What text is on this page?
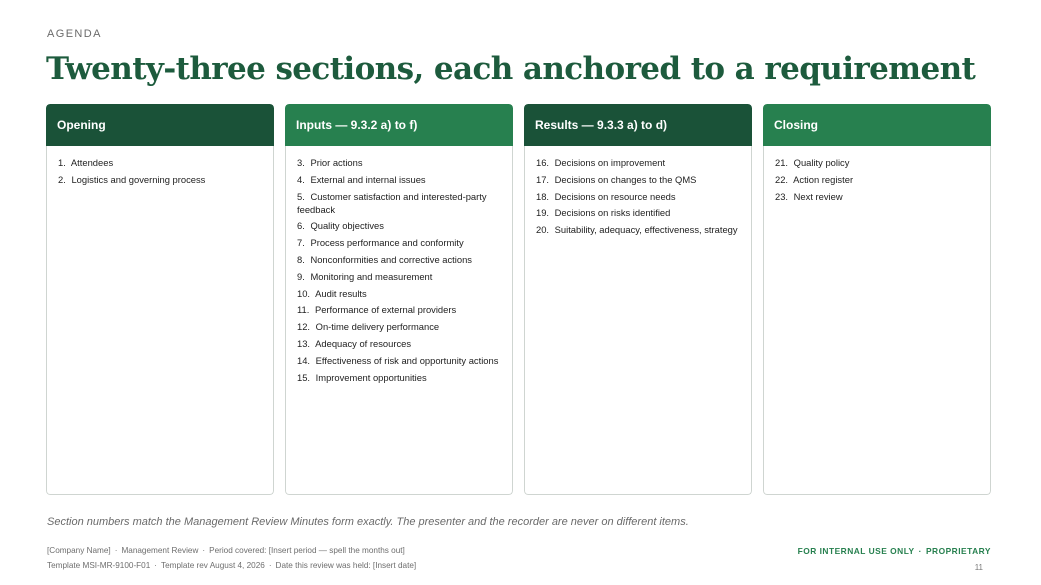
AGENDA
Twenty-three sections, each anchored to a requirement
Opening
1. Attendees
2. Logistics and governing process
Inputs — 9.3.2 a) to f)
3. Prior actions
4. External and internal issues
5. Customer satisfaction and interested-party feedback
6. Quality objectives
7. Process performance and conformity
8. Nonconformities and corrective actions
9. Monitoring and measurement
10. Audit results
11. Performance of external providers
12. On-time delivery performance
13. Adequacy of resources
14. Effectiveness of risk and opportunity actions
15. Improvement opportunities
Results — 9.3.3 a) to d)
16. Decisions on improvement
17. Decisions on changes to the QMS
18. Decisions on resource needs
19. Decisions on risks identified
20. Suitability, adequacy, effectiveness, strategy
Closing
21. Quality policy
22. Action register
23. Next review
Section numbers match the Management Review Minutes form exactly. The presenter and the recorder are never on different items.
[Company Name] · Management Review · Period covered: [Insert period — spell the months out]
Template MSI-MR-9100-F01 · Template rev August 4, 2026 · Date this review was held: [Insert date]
FOR INTERNAL USE ONLY · PROPRIETARY
11
